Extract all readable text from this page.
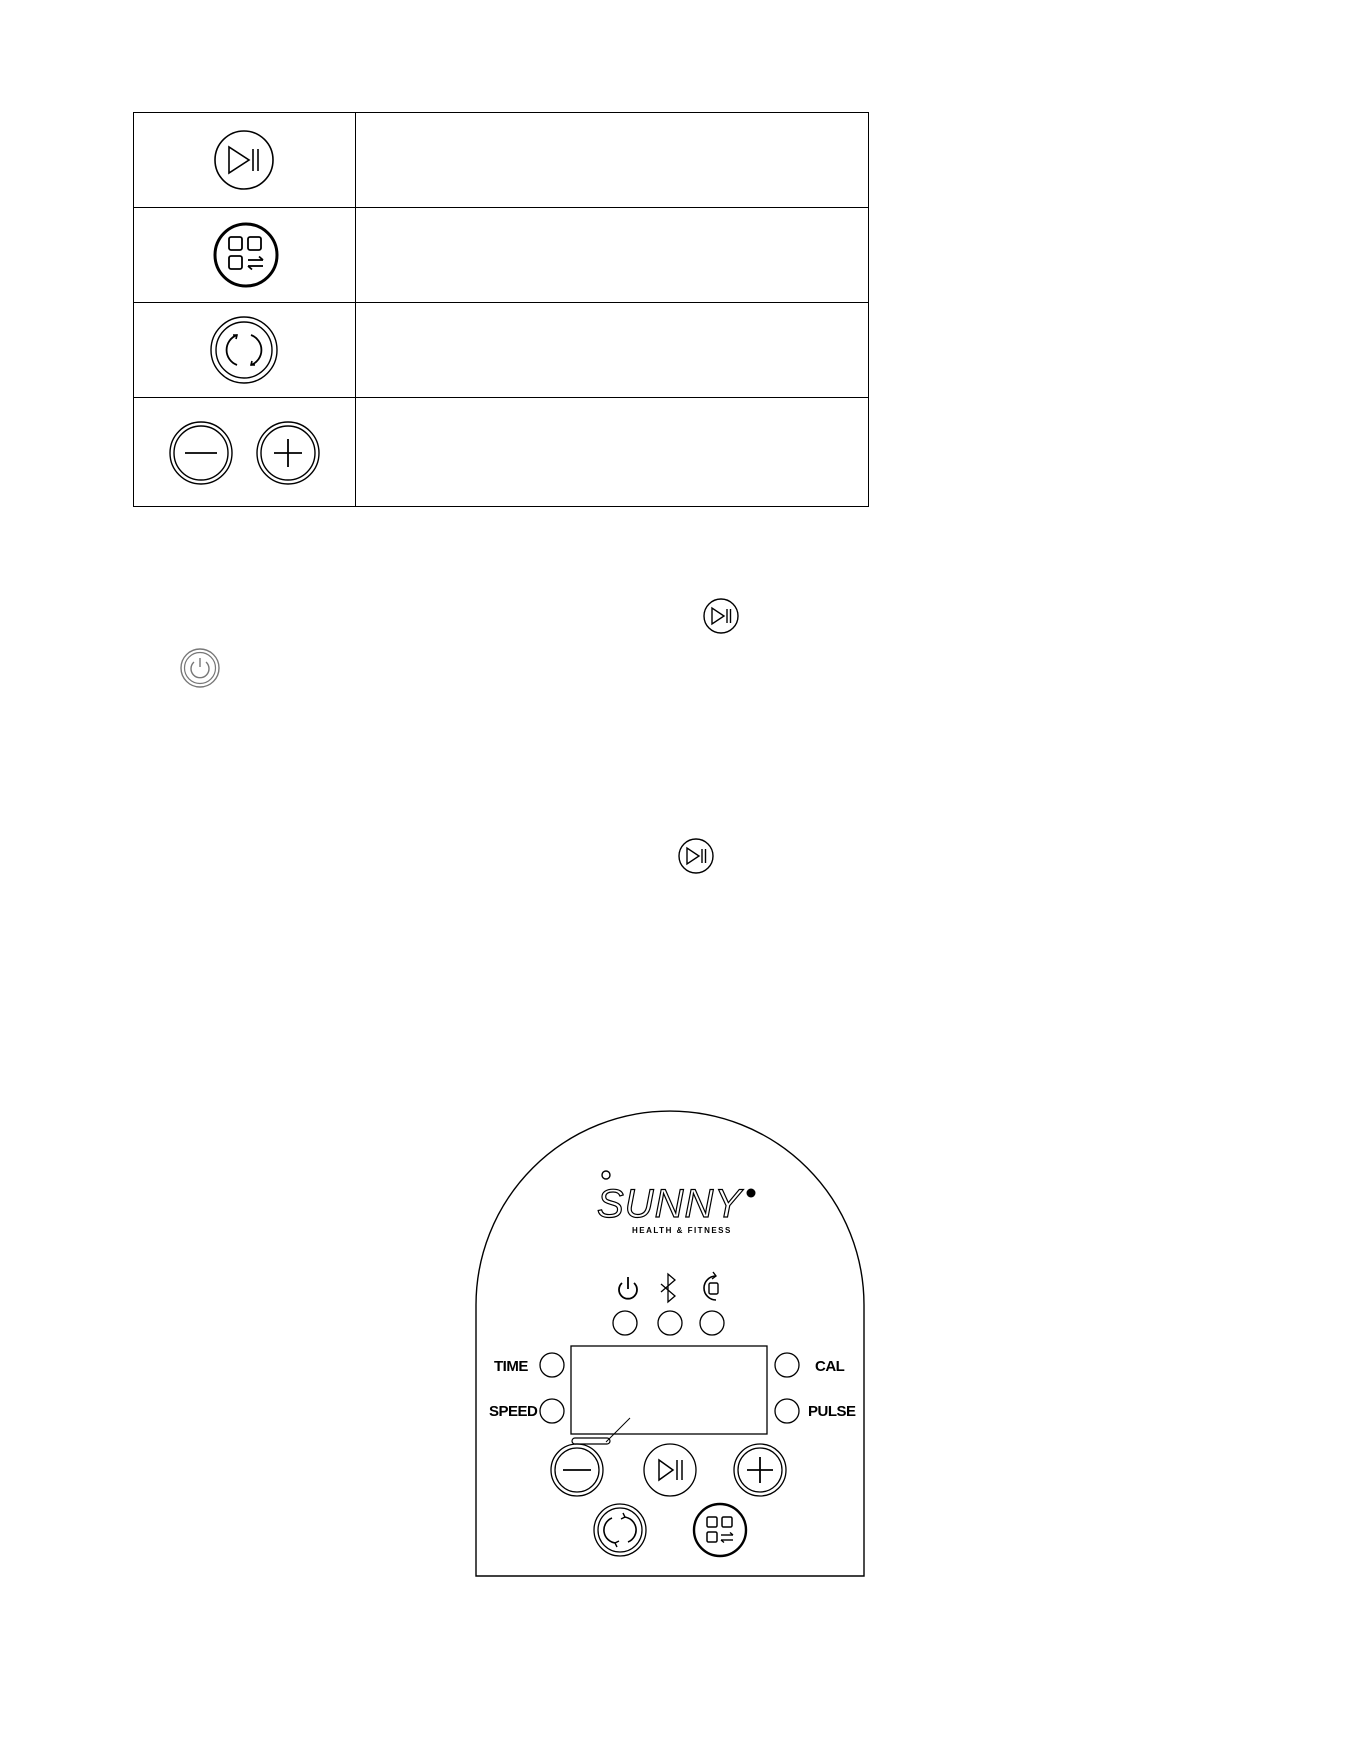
SUNNY
HEALTH & FITNESS
TIME
SPEED
CAL
PULSE
